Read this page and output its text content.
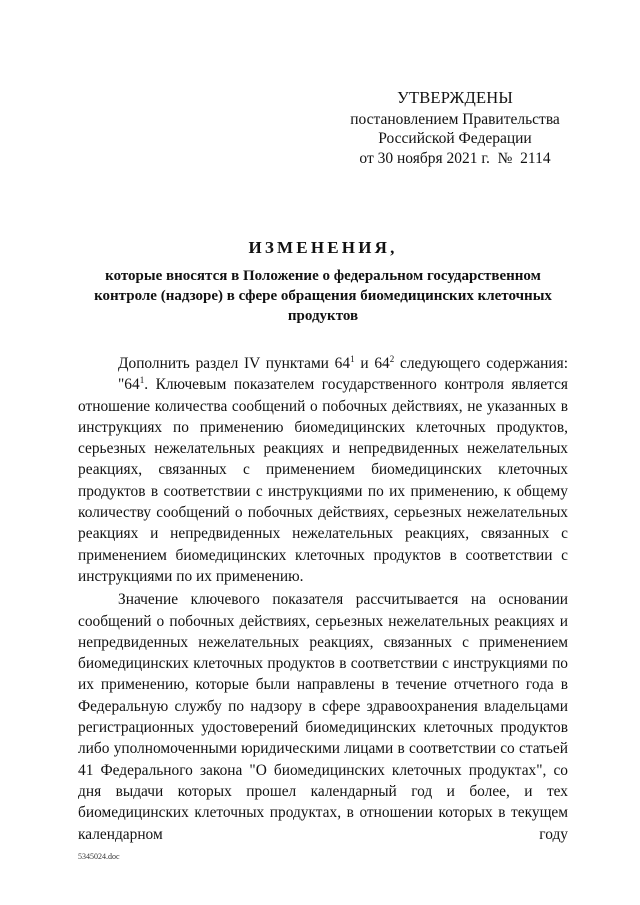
УТВЕРЖДЕНЫ
постановлением Правительства
Российской Федерации
от 30 ноября 2021 г. № 2114
ИЗМЕНЕНИЯ,
которые вносятся в Положение о федеральном государственном контроле (надзоре) в сфере обращения биомедицинских клеточных продуктов

Дополнить раздел IV пунктами $64^1$ и $64^2$ следующего содержания:

"$64^1$. Ключевым показателем государственного контроля является отношение количества сообщений о побочных действиях, не указанных в инструкциях по применению биомедицинских клеточных продуктов, серьезных нежелательных реакциях и непредвиденных нежелательных реакциях, связанных с применением биомедицинских клеточных продуктов в соответствии с инструкциями по их применению, к общему количеству сообщений о побочных действиях, серьезных нежелательных реакциях и непредвиденных нежелательных реакциях, связанных с применением биомедицинских клеточных продуктов в соответствии с инструкциями по их применению.

Значение ключевого показателя рассчитывается на основании сообщений о побочных действиях, серьезных нежелательных реакциях и непредвиденных нежелательных реакциях, связанных с применением биомедицинских клеточных продуктов в соответствии с инструкциями по их применению, которые были направлены в течение отчетного года в Федеральную службу по надзору в сфере здравоохранения владельцами регистрационных удостоверений биомедицинских клеточных продуктов либо уполномоченными юридическими лицами в соответствии со статьей 41 Федерального закона "О биомедицинских клеточных продуктах", со дня выдачи которых прошел календарный год и более, и тех биомедицинских клеточных продуктах, в отношении которых в текущем календарном году

5345024.doc
